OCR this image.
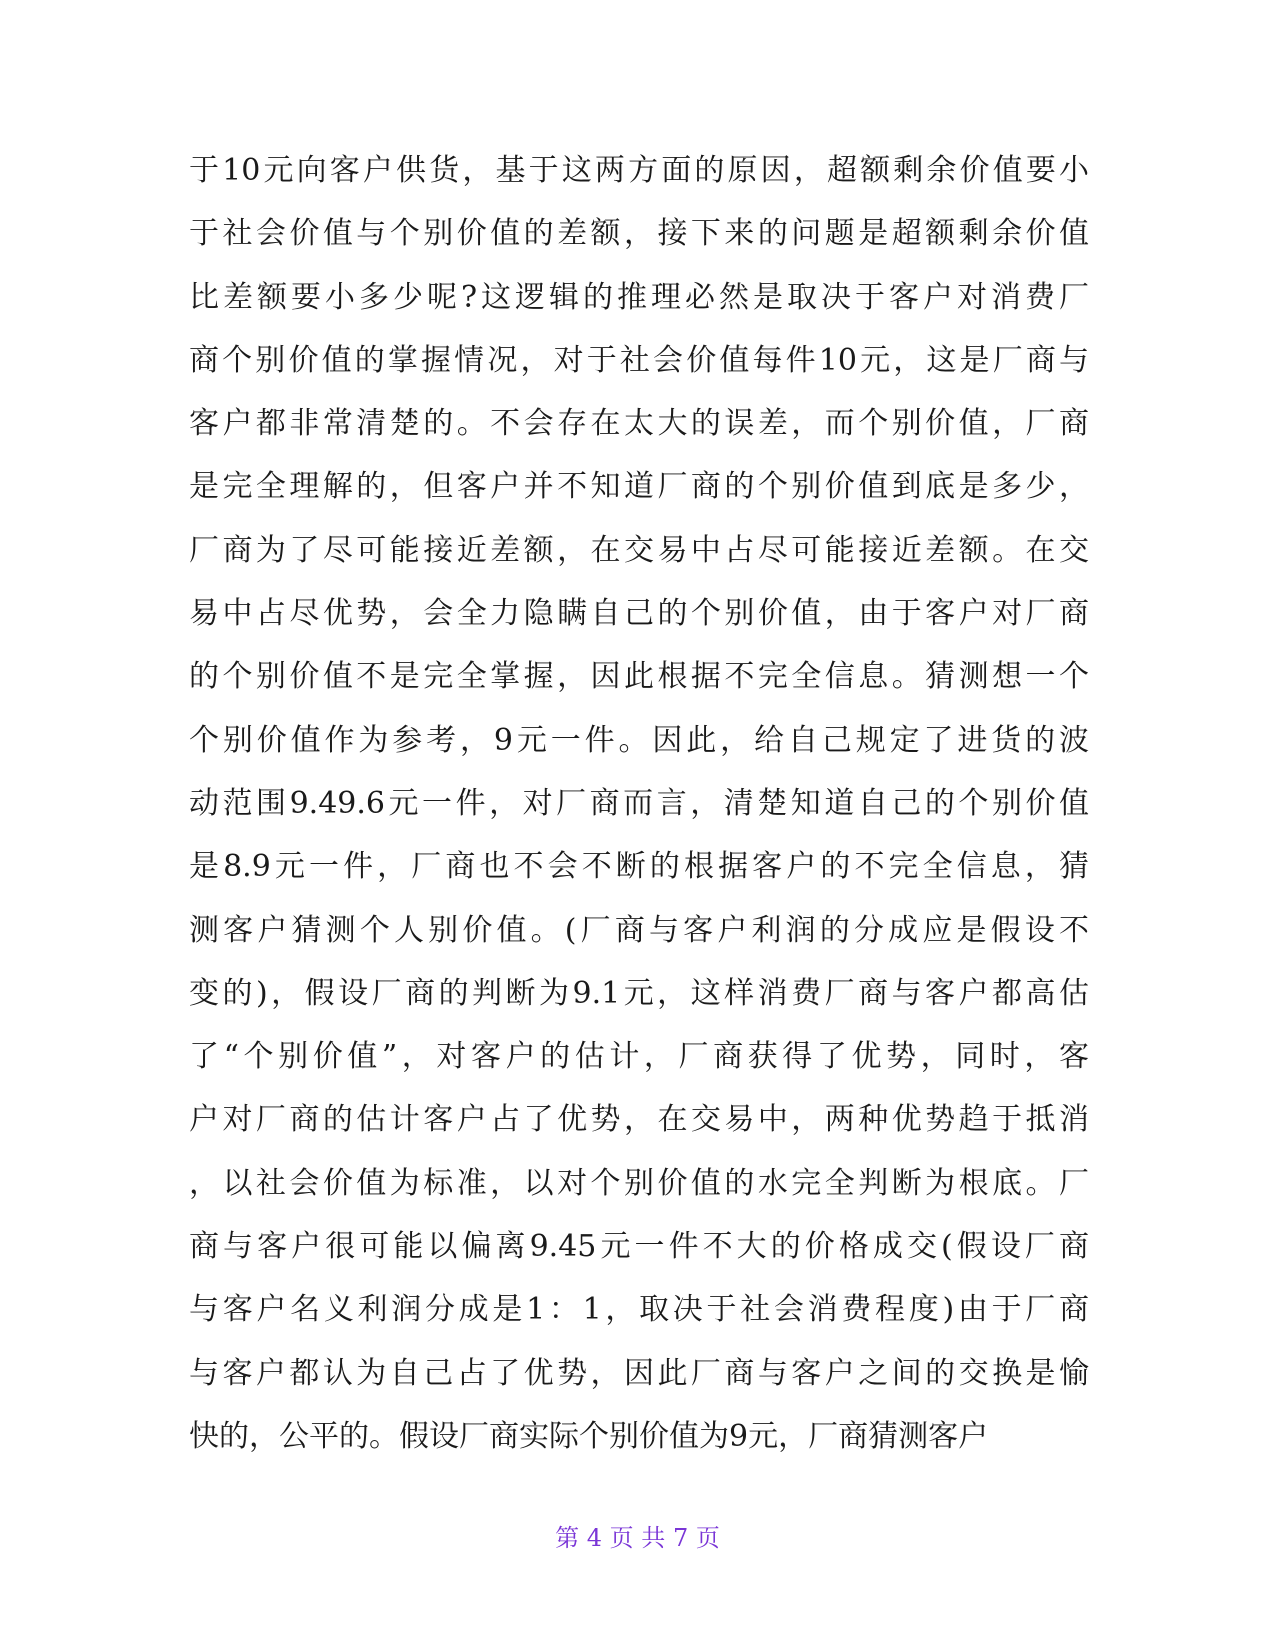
于10元向客户供货，基于这两方面的原因，超额剩余价值要小
于社会价值与个别价值的差额，接下来的问题是超额剩余价值
比差额要小多少呢?这逻辑的推理必然是取决于客户对消费厂
商个别价值的掌握情况，对于社会价值每件10元，这是厂商与
客户都非常清楚的。不会存在太大的误差，而个别价值，厂商
是完全理解的，但客户并不知道厂商的个别价值到底是多少，
厂商为了尽可能接近差额，在交易中占尽可能接近差额。在交
易中占尽优势，会全力隐瞒自己的个别价值，由于客户对厂商
的个别价值不是完全掌握，因此根据不完全信息。猜测想一个
个别价值作为参考，9元一件。因此，给自己规定了进货的波
动范围9.49.6元一件，对厂商而言，清楚知道自己的个别价值
是8.9元一件，厂商也不会不断的根据客户的不完全信息，猜
测客户猜测个人别价值。(厂商与客户利润的分成应是假设不
变的)，假设厂商的判断为9.1元，这样消费厂商与客户都高估
了“个别价值”，对客户的估计，厂商获得了优势，同时，客
户对厂商的估计客户占了优势，在交易中，两种优势趋于抵消
，以社会价值为标准，以对个别价值的水完全判断为根底。厂
商与客户很可能以偏离9.45元一件不大的价格成交(假设厂商
与客户名义利润分成是1：1，取决于社会消费程度)由于厂商
与客户都认为自己占了优势，因此厂商与客户之间的交换是愉
快的，公平的。假设厂商实际个别价值为9元，厂商猜测客户
第 4 页 共 7 页
